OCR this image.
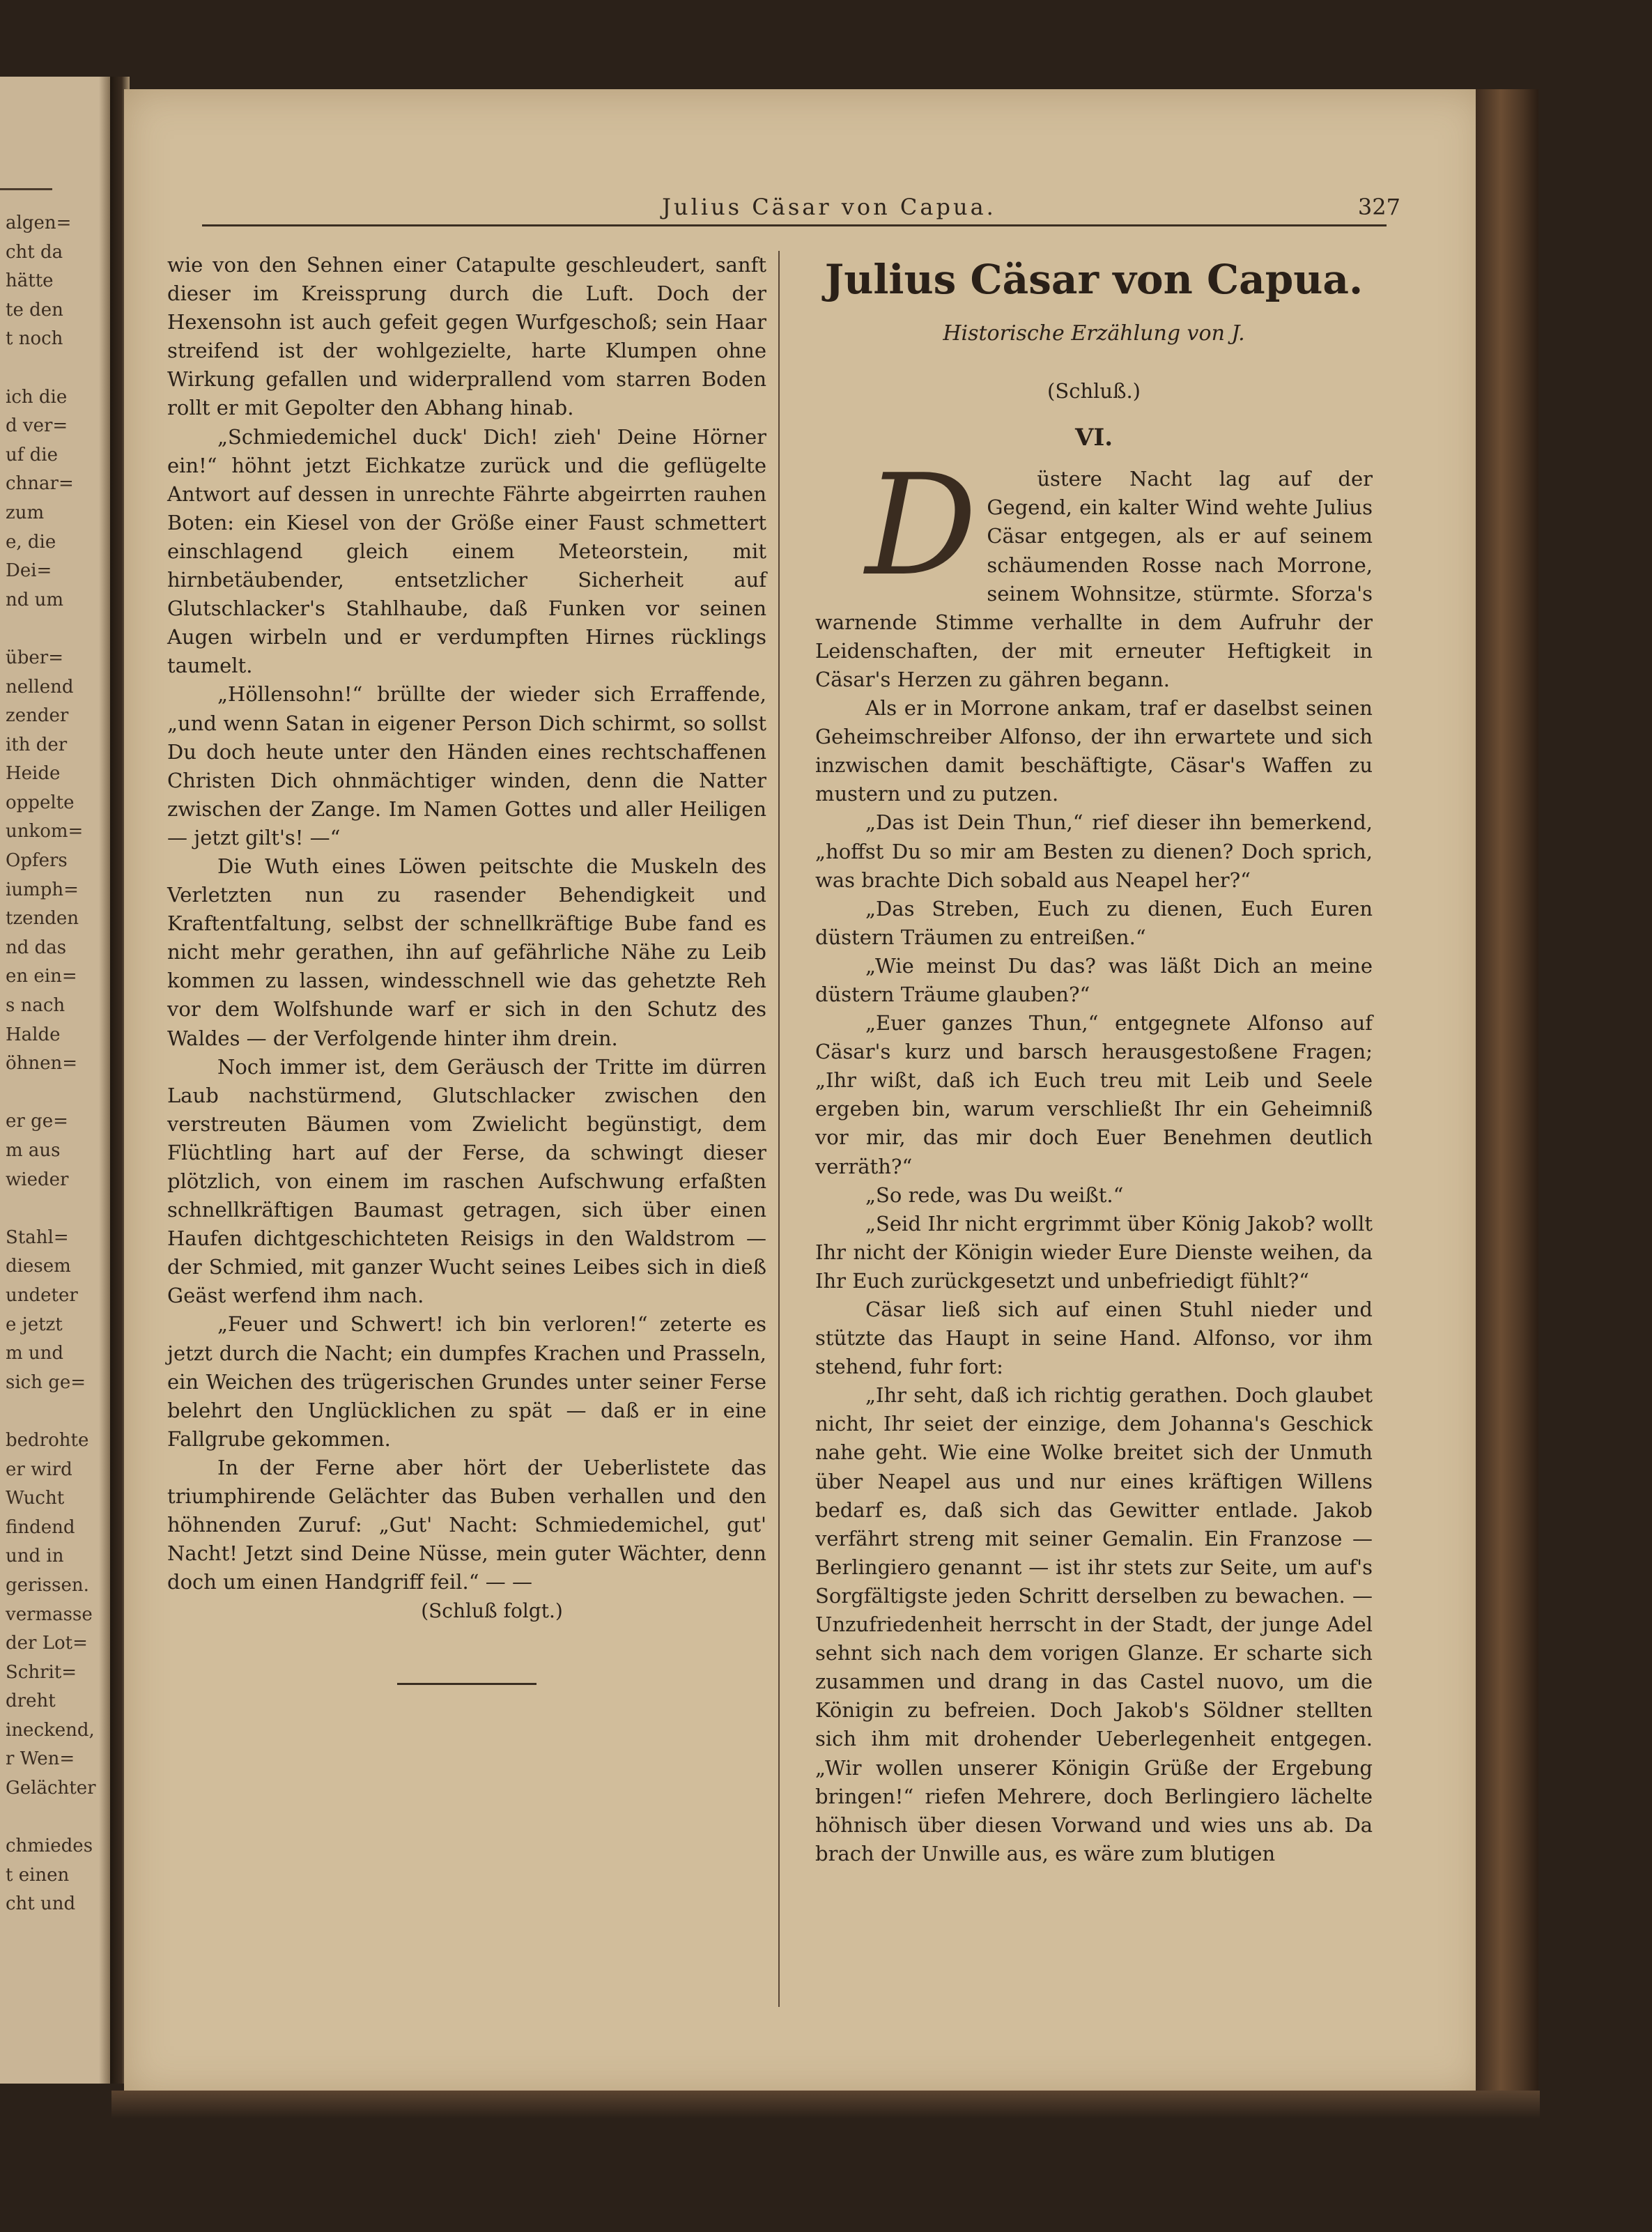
algen=
cht da
hätte
te den
t noch

ich die
d ver=
uf die
chnar=
zum
e, die
Dei=
nd um

über=
nellend
zender
ith der
Heide
oppelte
unkom=
Opfers
iumph=
tzenden
nd das
en ein=
s nach
Halde
öhnen=

er ge=
m aus
wieder

Stahl=
diesem
undeter
e jetzt
m und
sich ge=

bedrohte
er wird
Wucht
findend
und in
gerissen.
vermasse
der Lot=
Schrit=
dreht
ineckend,
r Wen=
Gelächter

chmiedes
t einen
cht und
Julius Cäsar von Capua.	327

wie von den Sehnen einer Catapulte geschleudert, sanft dieser im Kreissprung durch die Luft. Doch der Hexensohn ist auch gefeit gegen Wurfgeschoß; sein Haar streifend ist der wohlgezielte, harte Klumpen ohne Wirkung gefallen und widerprallend vom starren Boden rollt er mit Gepolter den Abhang hinab.

„Schmiedemichel duck' Dich! zieh' Deine Hörner ein!“ höhnt jetzt Eichkatze zurück und die geflügelte Antwort auf dessen in unrechte Fährte abgeirrten rauhen Boten: ein Kiesel von der Größe einer Faust schmettert einschlagend gleich einem Meteorstein, mit hirnbetäubender, entsetzlicher Sicherheit auf Glutschlacker's Stahlhaube, daß Funken vor seinen Augen wirbeln und er verdumpften Hirnes rücklings taumelt.

„Höllensohn!“ brüllte der wieder sich Erraffende, „und wenn Satan in eigener Person Dich schirmt, so sollst Du doch heute unter den Händen eines rechtschaffenen Christen Dich ohnmächtiger winden, denn die Natter zwischen der Zange. Im Namen Gottes und aller Heiligen — jetzt gilt's! —“

Die Wuth eines Löwen peitschte die Muskeln des Verletzten nun zu rasender Behendigkeit und Kraftentfaltung, selbst der schnellkräftige Bube fand es nicht mehr gerathen, ihn auf gefährliche Nähe zu Leib kommen zu lassen, windesschnell wie das gehetzte Reh vor dem Wolfshunde warf er sich in den Schutz des Waldes — der Verfolgende hinter ihm drein.

Noch immer ist, dem Geräusch der Tritte im dürren Laub nachstürmend, Glutschlacker zwischen den verstreuten Bäumen vom Zwielicht begünstigt, dem Flüchtling hart auf der Ferse, da schwingt dieser plötzlich, von einem im raschen Aufschwung erfaßten schnellkräftigen Baumast getragen, sich über einen Haufen dichtgeschichteten Reisigs in den Waldstrom — der Schmied, mit ganzer Wucht seines Leibes sich in dieß Geäst werfend ihm nach.

„Feuer und Schwert! ich bin verloren!“ zeterte es jetzt durch die Nacht; ein dumpfes Krachen und Prasseln, ein Weichen des trügerischen Grundes unter seiner Ferse belehrt den Unglücklichen zu spät — daß er in eine Fallgrube gekommen.

In der Ferne aber hört der Ueberlistete das triumphirende Gelächter das Buben verhallen und den höhnenden Zuruf: „Gut' Nacht: Schmiedemichel, gut' Nacht! Jetzt sind Deine Nüsse, mein guter Wächter, denn doch um einen Handgriff feil.“ — —

(Schluß folgt.)

Julius Cäsar von Capua.
Historische Erzählung von J.
(Schluß.)
VI.

D	üstere Nacht lag auf der Gegend, ein kalter Wind wehte Julius Cäsar entgegen, als er auf seinem schäumenden Rosse nach Morrone, seinem Wohnsitze, stürmte. Sforza's warnende Stimme verhallte in dem Aufruhr der Leidenschaften, der mit erneuter Heftigkeit in Cäsar's Herzen zu gähren begann.

Als er in Morrone ankam, traf er daselbst seinen Geheimschreiber Alfonso, der ihn erwartete und sich inzwischen damit beschäftigte, Cäsar's Waffen zu mustern und zu putzen.

„Das ist Dein Thun,“ rief dieser ihn bemerkend, „hoffst Du so mir am Besten zu dienen? Doch sprich, was brachte Dich sobald aus Neapel her?“

„Das Streben, Euch zu dienen, Euch Euren düstern Träumen zu entreißen.“

„Wie meinst Du das? was läßt Dich an meine düstern Träume glauben?“

„Euer ganzes Thun,“ entgegnete Alfonso auf Cäsar's kurz und barsch herausgestoßene Fragen; „Ihr wißt, daß ich Euch treu mit Leib und Seele ergeben bin, warum verschließt Ihr ein Geheimniß vor mir, das mir doch Euer Benehmen deutlich verräth?“

„So rede, was Du weißt.“

„Seid Ihr nicht ergrimmt über König Jakob? wollt Ihr nicht der Königin wieder Eure Dienste weihen, da Ihr Euch zurückgesetzt und unbefriedigt fühlt?“

Cäsar ließ sich auf einen Stuhl nieder und stützte das Haupt in seine Hand. Alfonso, vor ihm stehend, fuhr fort:

„Ihr seht, daß ich richtig gerathen. Doch glaubet nicht, Ihr seiet der einzige, dem Johanna's Geschick nahe geht. Wie eine Wolke breitet sich der Unmuth über Neapel aus und nur eines kräftigen Willens bedarf es, daß sich das Gewitter entlade. Jakob verfährt streng mit seiner Gemalin. Ein Franzose — Berlingiero genannt — ist ihr stets zur Seite, um auf's Sorgfältigste jeden Schritt derselben zu bewachen. — Unzufriedenheit herrscht in der Stadt, der junge Adel sehnt sich nach dem vorigen Glanze. Er scharte sich zusammen und drang in das Castel nuovo, um die Königin zu befreien. Doch Jakob's Söldner stellten sich ihm mit drohender Ueberlegenheit entgegen. „Wir wollen unserer Königin Grüße der Ergebung bringen!“ riefen Mehrere, doch Berlingiero lächelte höhnisch über diesen Vorwand und wies uns ab. Da brach der Unwille aus, es wäre zum blutigen
